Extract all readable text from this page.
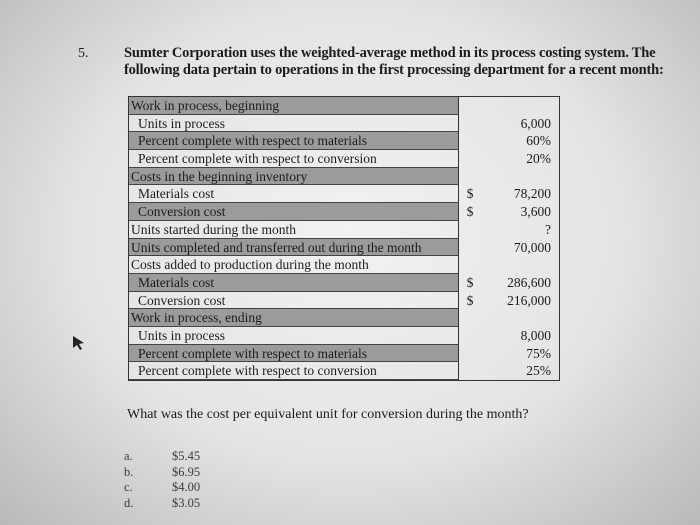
5. Sumter Corporation uses the weighted-average method in its process costing system. The following data pertain to operations in the first processing department for a recent month:
Work in process, beginning
Units in process	6,000
Percent complete with respect to materials	60%
Percent complete with respect to conversion	20%
Costs in the beginning inventory
Materials cost	$	78,200
Conversion cost	$	3,600
Units started during the month	?
Units completed and transferred out during the month	70,000
Costs added to production during the month
Materials cost	$	286,600
Conversion cost	$	216,000
Work in process, ending
Units in process	8,000
Percent complete with respect to materials	75%
Percent complete with respect to conversion	25%
What was the cost per equivalent unit for conversion during the month?
a.	$5.45
b.	$6.95
c.	$4.00
d.	$3.05
